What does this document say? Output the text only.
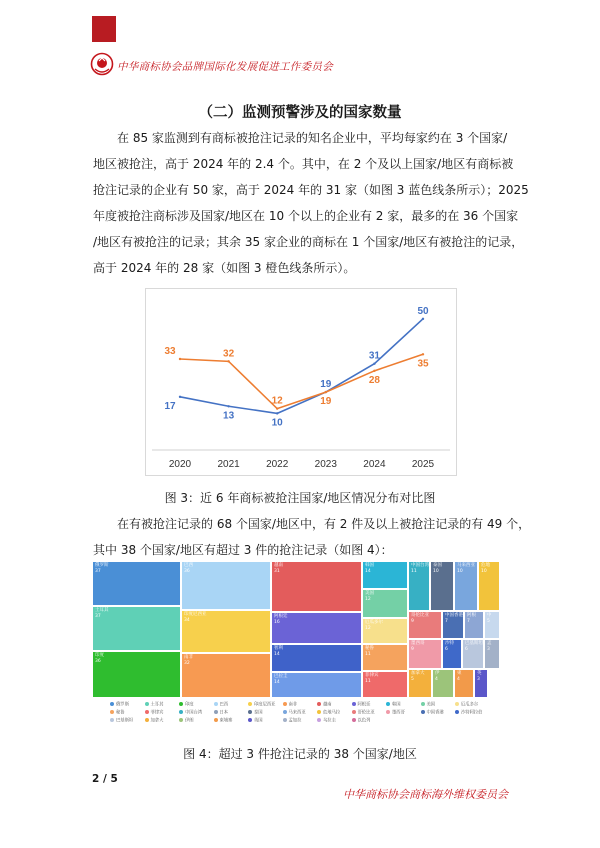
中华商标协会品牌国际化发展促进工作委员会
（二）监测预警涉及的国家数量
在 85 家监测到有商标被抢注记录的知名企业中，平均每家约在 3 个国家/
地区被抢注，高于 2024 年的 2.4 个。其中，在 2 个及以上国家/地区有商标被
抢注记录的企业有 50 家，高于 2024 年的 31 家（如图 3 蓝色线条所示）；2025
年度被抢注商标涉及国家/地区在 10 个以上的企业有 2 家，最多的在 36 个国家
/地区有被抢注的记录；其余 35 家企业的商标在 1 个国家/地区有被抢注的记录，
高于 2024 年的 28 家（如图 3 橙色线条所示）。
2020	2021	2022	2023	2024	2025
17
13
10
19
31
50
33	32
12	19
28
35
图 3：近 6 年商标被抢注国家/地区情况分布对比图
在有被抢注记录的 68 个国家/地区中，有 2 件及以上被抢注记录的有 49 个，
其中 38 个国家/地区有超过 3 件的抢注记录（如图 4）：
俄罗斯
37
土耳其
37
印度
36
巴西
36
印度尼西亚
34
南非
32
越南
31
阿根廷
16
智利
14
巴拉圭
14
韩国
14
美国
12
厄瓜多尔
12
秘鲁
11
菲律宾
11
中国台湾
11
泰国
10
马来西亚
10
危地
10
哥伦比亚
9
墨西哥
9
中国香港
7
阿根
7
沙特
6
巴基斯坦
6
加拿大
5
中
5
伊
4
柬
4
英
3
孟
3
俄罗斯	土耳其	印度	巴西	印度尼西亚	南非	越南	阿根廷	韩国	美国	厄瓜多尔
秘鲁	菲律宾	中国台湾	日本	泰国	马来西亚	危地马拉	哥伦比亚	墨西哥	中国香港	沙特阿拉伯
巴基斯坦	加拿大	伊朗	柬埔寨	英国	孟加拉	乌拉圭	以色列
图 4：超过 3 件抢注记录的 38 个国家/地区
2 / 5
中华商标协会商标海外维权委员会
